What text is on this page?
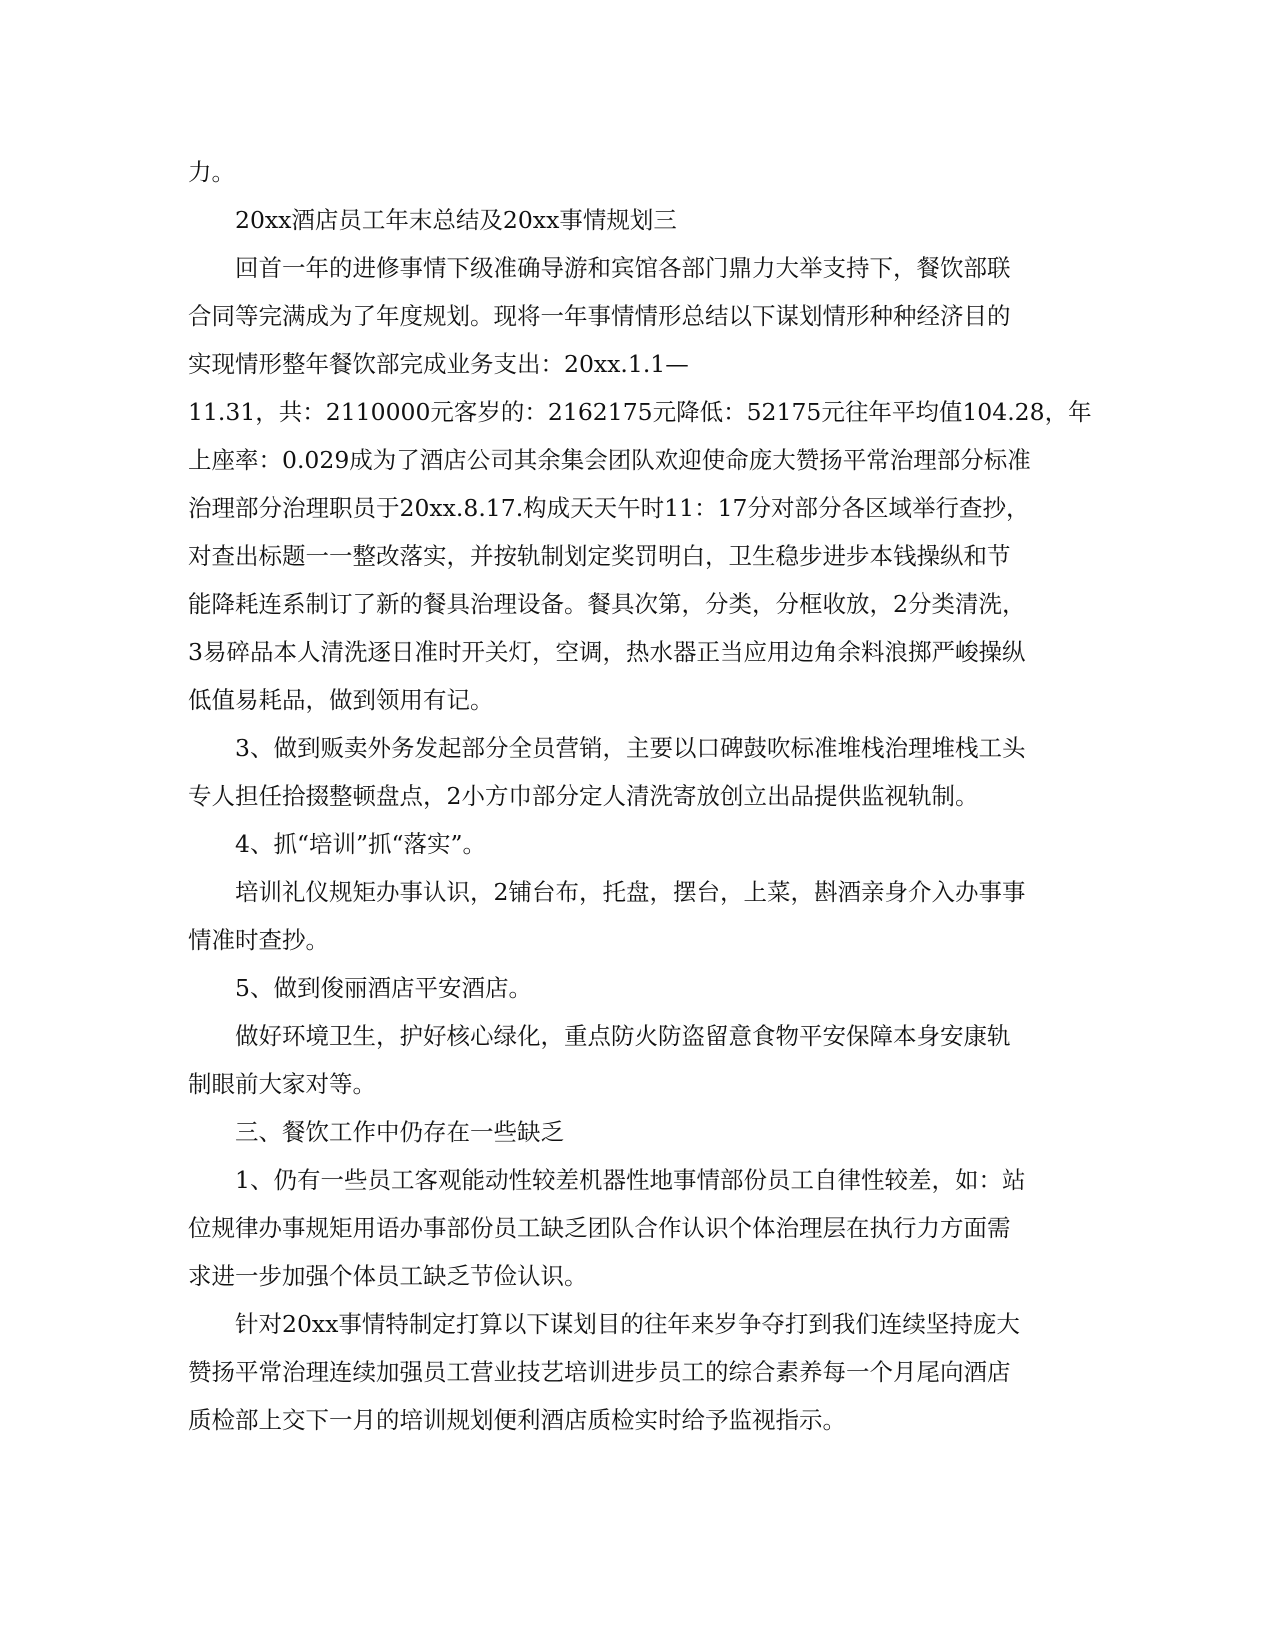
力。
20xx酒店员工年末总结及20xx事情规划三
回首一年的进修事情下级准确导游和宾馆各部门鼎力大举支持下，餐饮部联
合同等完满成为了年度规划。现将一年事情情形总结以下谋划情形种种经济目的
实现情形整年餐饮部完成业务支出：20xx.1.1—
11.31，共：2110000元客岁的：2162175元降低：52175元往年平均值104.28，年
上座率：0.029成为了酒店公司其余集会团队欢迎使命庞大赞扬平常治理部分标准
治理部分治理职员于20xx.8.17.构成天天午时11：17分对部分各区域举行查抄，
对查出标题一一整改落实，并按轨制划定奖罚明白，卫生稳步进步本钱操纵和节
能降耗连系制订了新的餐具治理设备。餐具次第，分类，分框收放，2分类清洗，
3易碎品本人清洗逐日准时开关灯，空调，热水器正当应用边角余料浪掷严峻操纵
低值易耗品，做到领用有记。
3、做到贩卖外务发起部分全员营销，主要以口碑鼓吹标准堆栈治理堆栈工头
专人担任拾掇整顿盘点，2小方巾部分定人清洗寄放创立出品提供监视轨制。
4、抓“培训”抓“落实”。
培训礼仪规矩办事认识，2铺台布，托盘，摆台，上菜，斟酒亲身介入办事事
情准时查抄。
5、做到俊丽酒店平安酒店。
做好环境卫生，护好核心绿化，重点防火防盗留意食物平安保障本身安康轨
制眼前大家对等。
三、餐饮工作中仍存在一些缺乏
1、仍有一些员工客观能动性较差机器性地事情部份员工自律性较差，如：站
位规律办事规矩用语办事部份员工缺乏团队合作认识个体治理层在执行力方面需
求进一步加强个体员工缺乏节俭认识。
针对20xx事情特制定打算以下谋划目的往年来岁争夺打到我们连续坚持庞大
赞扬平常治理连续加强员工营业技艺培训进步员工的综合素养每一个月尾向酒店
质检部上交下一月的培训规划便利酒店质检实时给予监视指示。
